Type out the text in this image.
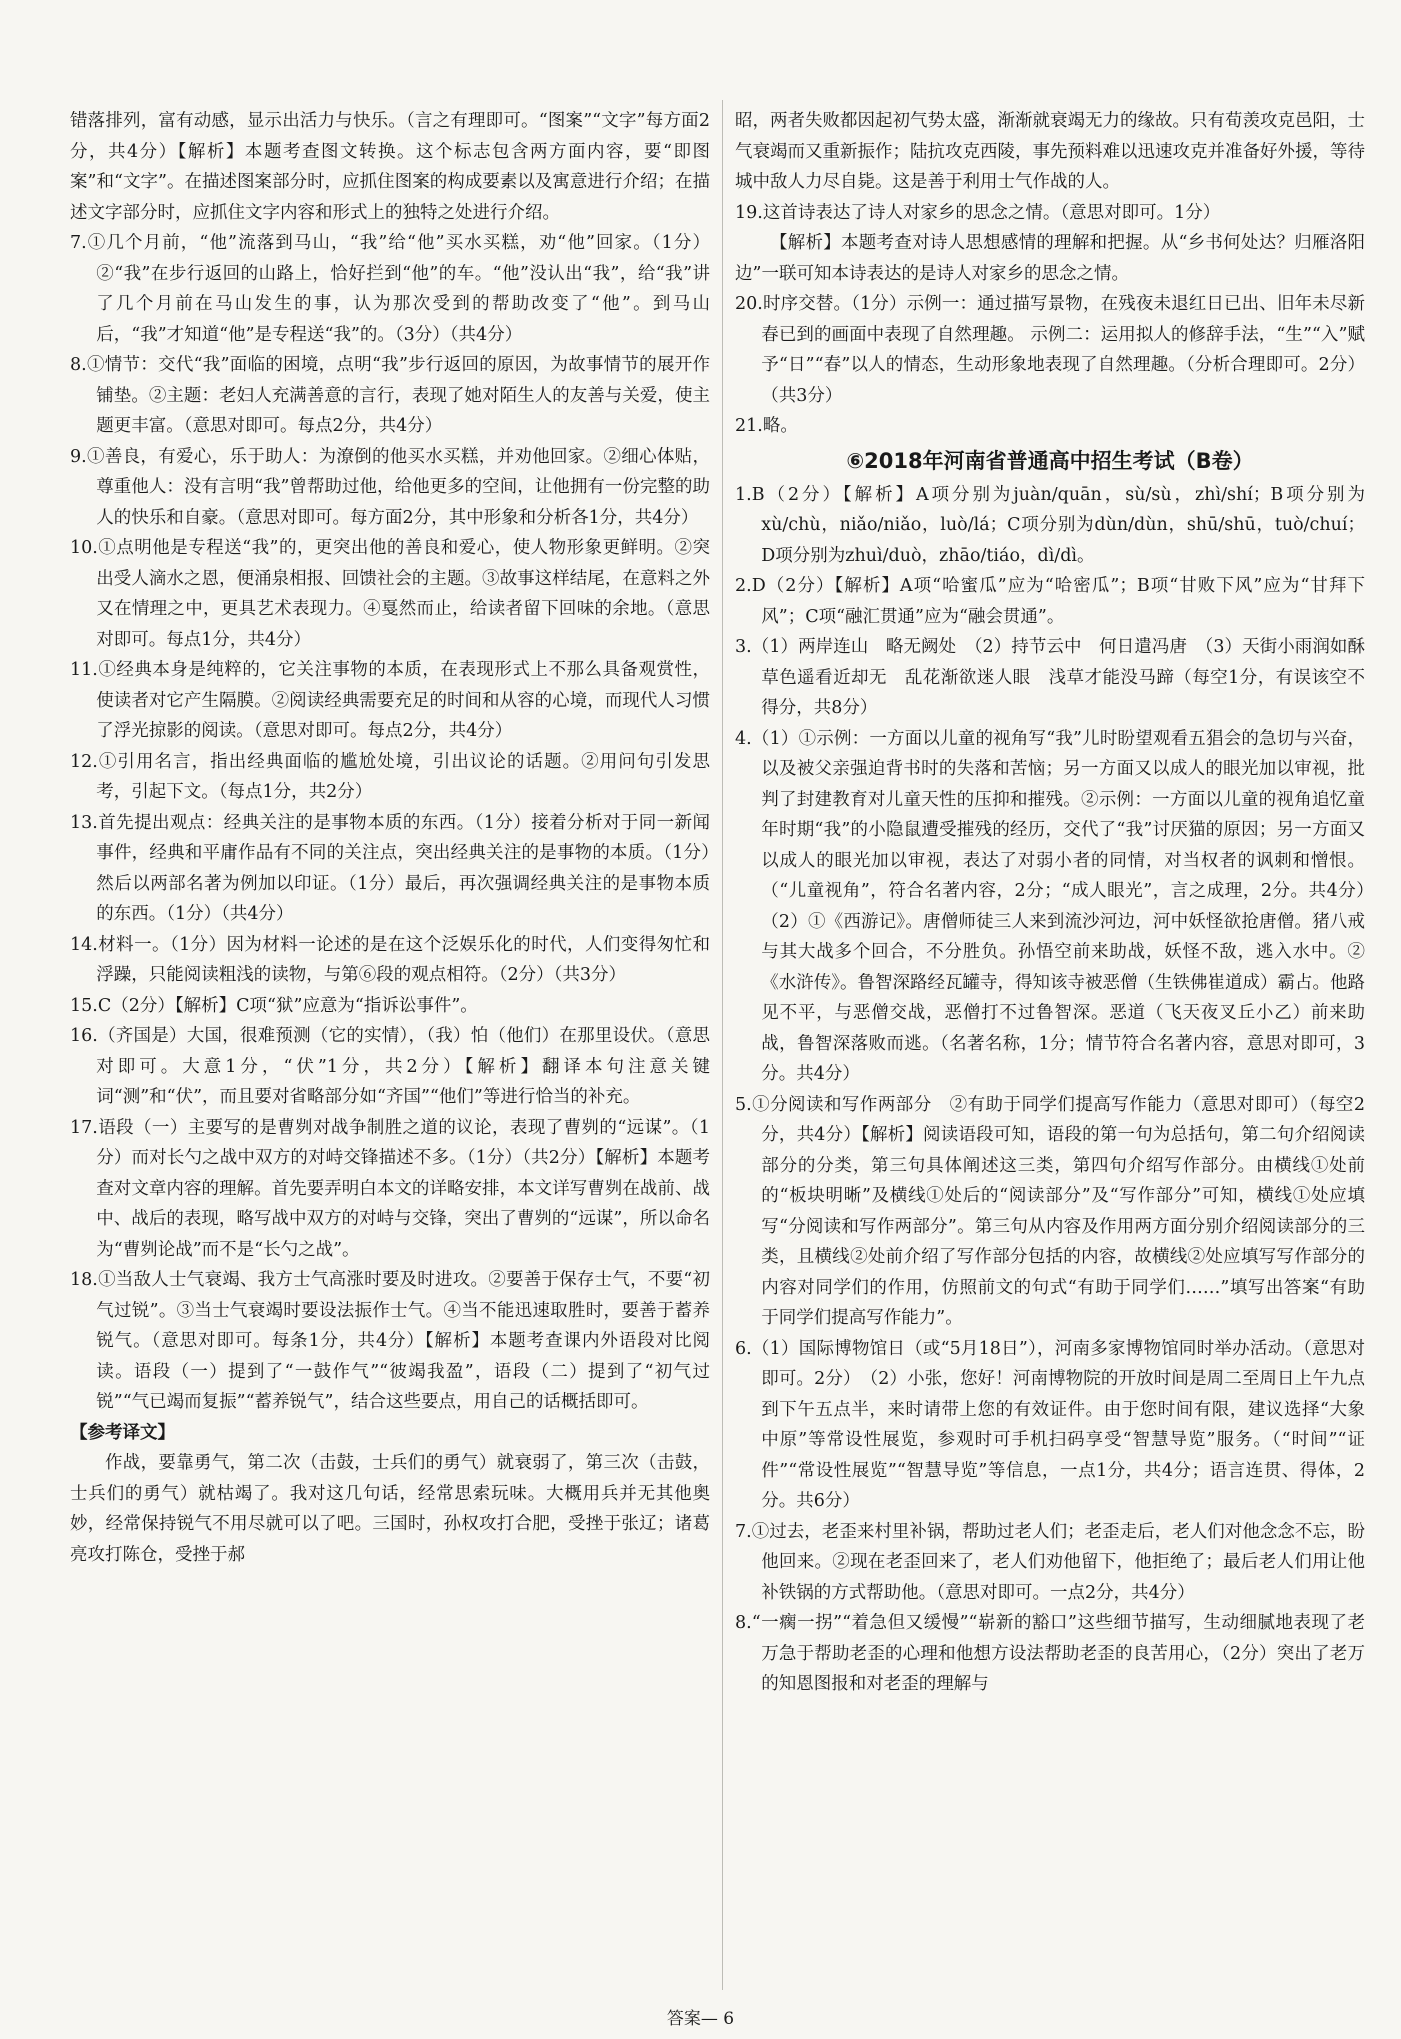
错落排列，富有动感，显示出活力与快乐。（言之有理即可。“图案”“文字”每方面2分，共4分）【解析】本题考查图文转换。这个标志包含两方面内容，要“即图案”和“文字”。在描述图案部分时，应抓住图案的构成要素以及寓意进行介绍；在描述文字部分时，应抓住文字内容和形式上的独特之处进行介绍。

7.①几个月前，“他”流落到马山，“我”给“他”买水买糕，劝“他”回家。（1分）②“我”在步行返回的山路上，恰好拦到“他”的车。“他”没认出“我”，给“我”讲了几个月前在马山发生的事，认为那次受到的帮助改变了“他”。到马山后，“我”才知道“他”是专程送“我”的。（3分）（共4分）

8.①情节：交代“我”面临的困境，点明“我”步行返回的原因，为故事情节的展开作铺垫。②主题：老妇人充满善意的言行，表现了她对陌生人的友善与关爱，使主题更丰富。（意思对即可。每点2分，共4分）

9.①善良，有爱心，乐于助人：为潦倒的他买水买糕，并劝他回家。②细心体贴，尊重他人：没有言明“我”曾帮助过他，给他更多的空间，让他拥有一份完整的助人的快乐和自豪。（意思对即可。每方面2分，其中形象和分析各1分，共4分）

10.①点明他是专程送“我”的，更突出他的善良和爱心，使人物形象更鲜明。②突出受人滴水之恩，便涌泉相报、回馈社会的主题。③故事这样结尾，在意料之外又在情理之中，更具艺术表现力。④戛然而止，给读者留下回味的余地。（意思对即可。每点1分，共4分）

11.①经典本身是纯粹的，它关注事物的本质，在表现形式上不那么具备观赏性，使读者对它产生隔膜。②阅读经典需要充足的时间和从容的心境，而现代人习惯了浮光掠影的阅读。（意思对即可。每点2分，共4分）

12.①引用名言，指出经典面临的尴尬处境，引出议论的话题。②用问句引发思考，引起下文。（每点1分，共2分）

13.首先提出观点：经典关注的是事物本质的东西。（1分）接着分析对于同一新闻事件，经典和平庸作品有不同的关注点，突出经典关注的是事物的本质。（1分）然后以两部名著为例加以印证。（1分）最后，再次强调经典关注的是事物本质的东西。（1分）（共4分）

14.材料一。（1分）因为材料一论述的是在这个泛娱乐化的时代，人们变得匆忙和浮躁，只能阅读粗浅的读物，与第⑥段的观点相符。（2分）（共3分）

15.C（2分）【解析】C项“狱”应意为“指诉讼事件”。

16.（齐国是）大国，很难预测（它的实情），（我）怕（他们）在那里设伏。（意思对即可。大意1分，“伏”1分，共2分）【解析】翻译本句注意关键词“测”和“伏”，而且要对省略部分如“齐国”“他们”等进行恰当的补充。

17.语段（一）主要写的是曹刿对战争制胜之道的议论，表现了曹刿的“远谋”。（1分）而对长勺之战中双方的对峙交锋描述不多。（1分）（共2分）【解析】本题考查对文章内容的理解。首先要弄明白本文的详略安排，本文详写曹刿在战前、战中、战后的表现，略写战中双方的对峙与交锋，突出了曹刿的“远谋”，所以命名为“曹刿论战”而不是“长勺之战”。

18.①当敌人士气衰竭、我方士气高涨时要及时进攻。②要善于保存士气，不要“初气过锐”。③当士气衰竭时要设法振作士气。④当不能迅速取胜时，要善于蓄养锐气。（意思对即可。每条1分，共4分）【解析】本题考查课内外语段对比阅读。语段（一）提到了“一鼓作气”“彼竭我盈”，语段（二）提到了“初气过锐”“气已竭而复振”“蓄养锐气”，结合这些要点，用自己的话概括即可。

【参考译文】

作战，要靠勇气，第二次（击鼓，士兵们的勇气）就衰弱了，第三次（击鼓，士兵们的勇气）就枯竭了。我对这几句话，经常思索玩味。大概用兵并无其他奥妙，经常保持锐气不用尽就可以了吧。三国时，孙权攻打合肥，受挫于张辽；诸葛亮攻打陈仓，受挫于郝

昭，两者失败都因起初气势太盛，渐渐就衰竭无力的缘故。只有荀羡攻克邑阳，士气衰竭而又重新振作；陆抗攻克西陵，事先预料难以迅速攻克并准备好外援，等待城中敌人力尽自毙。这是善于利用士气作战的人。

19.这首诗表达了诗人对家乡的思念之情。（意思对即可。1分）

【解析】本题考查对诗人思想感情的理解和把握。从“乡书何处达？归雁洛阳边”一联可知本诗表达的是诗人对家乡的思念之情。

20.时序交替。（1分）示例一：通过描写景物，在残夜未退红日已出、旧年未尽新春已到的画面中表现了自然理趣。 示例二：运用拟人的修辞手法，“生”“入”赋予“日”“春”以人的情态，生动形象地表现了自然理趣。（分析合理即可。2分）（共3分）

21.略。

⑥2018年河南省普通高中招生考试（B卷）

1.B（2分）【解析】A项分别为juàn/quān，sù/sù，zhì/shí；B项分别为xù/chù，niǎo/niǎo，luò/lá；C项分别为dùn/dùn，shū/shū，tuò/chuí；D项分别为zhuì/duò，zhāo/tiáo，dì/dì。

2.D（2分）【解析】A项“哈蜜瓜”应为“哈密瓜”；B项“甘败下风”应为“甘拜下风”；C项“融汇贯通”应为“融会贯通”。

3.（1）两岸连山　略无阙处　（2）持节云中　何日遣冯唐　（3）天街小雨润如酥　草色遥看近却无　乱花渐欲迷人眼　浅草才能没马蹄（每空1分，有误该空不得分，共8分）

4.（1）①示例：一方面以儿童的视角写“我”儿时盼望观看五猖会的急切与兴奋，以及被父亲强迫背书时的失落和苦恼；另一方面又以成人的眼光加以审视，批判了封建教育对儿童天性的压抑和摧残。②示例：一方面以儿童的视角追忆童年时期“我”的小隐鼠遭受摧残的经历，交代了“我”讨厌猫的原因；另一方面又以成人的眼光加以审视，表达了对弱小者的同情，对当权者的讽刺和憎恨。（“儿童视角”，符合名著内容，2分；“成人眼光”，言之成理，2分。共4分）　（2）①《西游记》。唐僧师徒三人来到流沙河边，河中妖怪欲抢唐僧。猪八戒与其大战多个回合，不分胜负。孙悟空前来助战，妖怪不敌，逃入水中。②《水浒传》。鲁智深路经瓦罐寺，得知该寺被恶僧（生铁佛崔道成）霸占。他路见不平，与恶僧交战，恶僧打不过鲁智深。恶道（飞天夜叉丘小乙）前来助战，鲁智深落败而逃。（名著名称，1分；情节符合名著内容，意思对即可，3分。共4分）

5.①分阅读和写作两部分　②有助于同学们提高写作能力（意思对即可）（每空2分，共4分）【解析】阅读语段可知，语段的第一句为总括句，第二句介绍阅读部分的分类，第三句具体阐述这三类，第四句介绍写作部分。由横线①处前的“板块明晰”及横线①处后的“阅读部分”及“写作部分”可知，横线①处应填写“分阅读和写作两部分”。第三句从内容及作用两方面分别介绍阅读部分的三类，且横线②处前介绍了写作部分包括的内容，故横线②处应填写写作部分的内容对同学们的作用，仿照前文的句式“有助于同学们……”填写出答案“有助于同学们提高写作能力”。

6.（1）国际博物馆日（或“5月18日”），河南多家博物馆同时举办活动。（意思对即可。2分）　（2）小张，您好！河南博物院的开放时间是周二至周日上午九点到下午五点半，来时请带上您的有效证件。由于您时间有限，建议选择“大象中原”等常设性展览，参观时可手机扫码享受“智慧导览”服务。（“时间”“证件”“常设性展览”“智慧导览”等信息，一点1分，共4分；语言连贯、得体，2分。共6分）

7.①过去，老歪来村里补锅，帮助过老人们；老歪走后，老人们对他念念不忘，盼他回来。②现在老歪回来了，老人们劝他留下，他拒绝了；最后老人们用让他补铁锅的方式帮助他。（意思对即可。一点2分，共4分）

8.“一瘸一拐”“着急但又缓慢”“崭新的豁口”这些细节描写，生动细腻地表现了老万急于帮助老歪的心理和他想方设法帮助老歪的良苦用心，（2分）突出了老万的知恩图报和对老歪的理解与

答案— 6
